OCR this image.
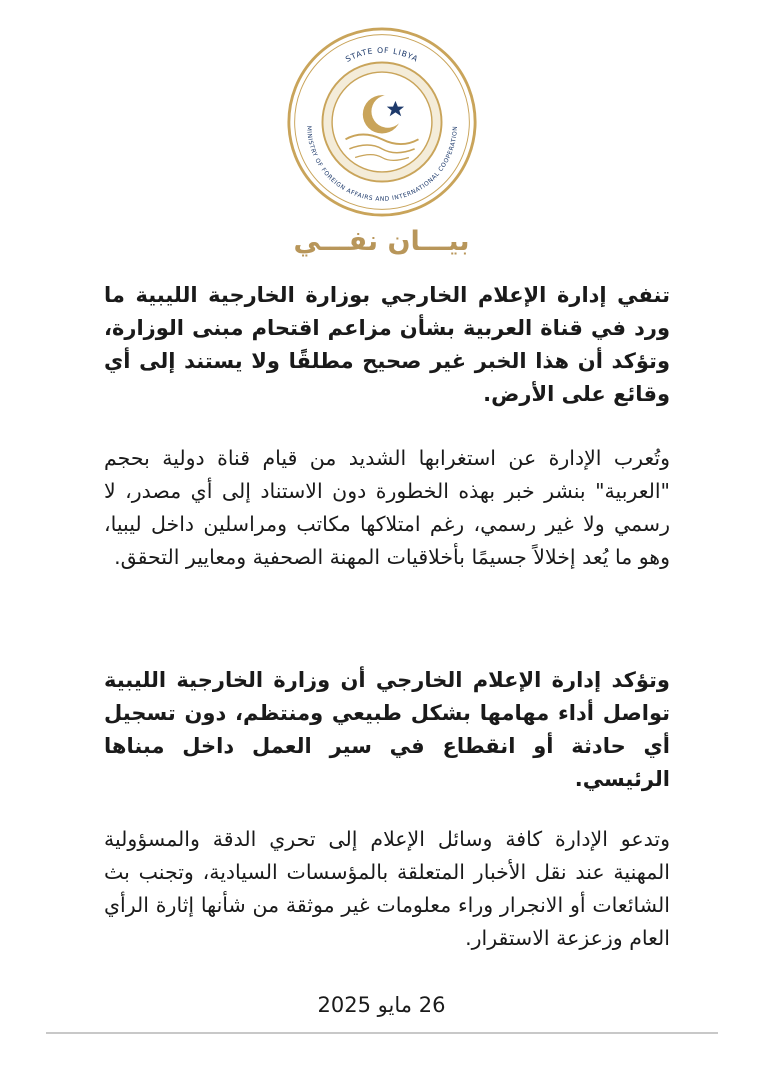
STATE OF LIBYA
MINISTRY OF FOREIGN AFFAIRS AND INTERNATIONAL COOPERATION
بيـــان نفـــي
تنفي إدارة الإعلام الخارجي بوزارة الخارجية الليبية ما ورد في قناة العربية بشأن مزاعم اقتحام مبنى الوزارة، وتؤكد أن هذا الخبر غير صحيح مطلقًا ولا يستند إلى أي وقائع على الأرض.
وتُعرب الإدارة عن استغرابها الشديد من قيام قناة دولية بحجم "العربية" بنشر خبر بهذه الخطورة دون الاستناد إلى أي مصدر، لا رسمي ولا غير رسمي، رغم امتلاكها مكاتب ومراسلين داخل ليبيا، وهو ما يُعد إخلالاً جسيمًا بأخلاقيات المهنة الصحفية ومعايير التحقق.
وتؤكد إدارة الإعلام الخارجي أن وزارة الخارجية الليبية تواصل أداء مهامها بشكل طبيعي ومنتظم، دون تسجيل أي حادثة أو انقطاع في سير العمل داخل مبناها الرئيسي.
وتدعو الإدارة كافة وسائل الإعلام إلى تحري الدقة والمسؤولية المهنية عند نقل الأخبار المتعلقة بالمؤسسات السيادية، وتجنب بث الشائعات أو الانجرار وراء معلومات غير موثقة من شأنها إثارة الرأي العام وزعزعة الاستقرار.
26 مايو 2025
